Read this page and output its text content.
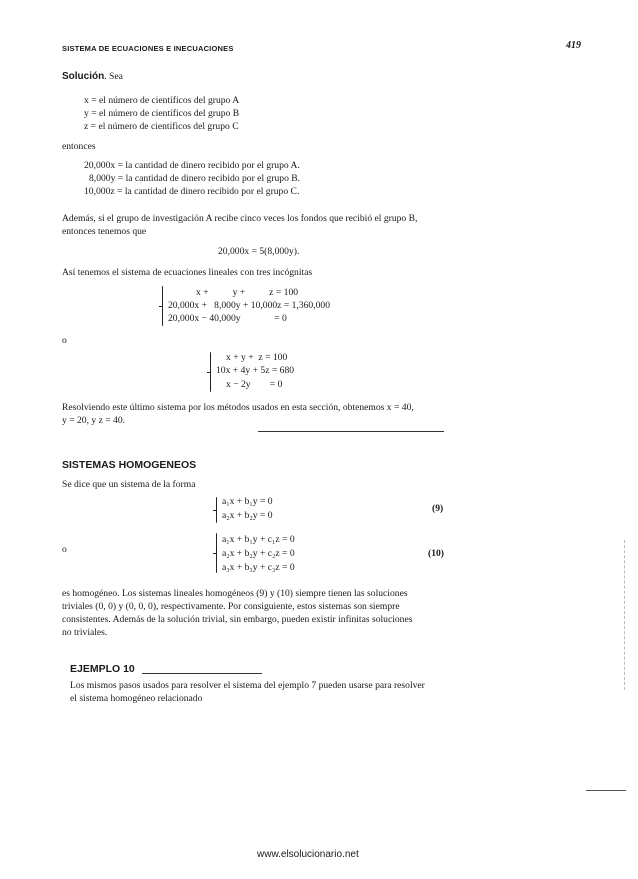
SISTEMA DE ECUACIONES E INECUACIONES	419
Solución. Sea
x = el número de científicos del grupo A
y = el número de científicos del grupo B
z = el número de científicos del grupo C
entonces
20,000x = la cantidad de dinero recibido por el grupo A.
8,000y = la cantidad de dinero recibido por el grupo B.
10,000z = la cantidad de dinero recibido por el grupo C.
Además, si el grupo de investigación A recibe cinco veces los fondos que recibió el grupo B,
entonces tenemos que
20,000x = 5(8,000y).
Así tenemos el sistema de ecuaciones lineales con tres incógnitas
x +          y +          z = 100
20,000x +   8,000y + 10,000z = 1,360,000
20,000x − 40,000y              = 0
o
x + y +  z = 100
10x + 4y + 5z = 680
x − 2y        = 0
Resolviendo este último sistema por los métodos usados en esta sección, obtenemos x = 40,
y = 20, y z = 40.
SISTEMAS HOMOGENEOS
Se dice que un sistema de la forma
a₁x + b₁y = 0
a₂x + b₂y = 0
(9)
o
a₁x + b₁y + c₁z = 0
a₂x + b₂y + c₂z = 0
a₃x + b₃y + c₃z = 0
(10)
es homogéneo. Los sistemas lineales homogéneos (9) y (10) siempre tienen las soluciones
triviales (0, 0) y (0, 0, 0), respectivamente. Por consiguiente, estos sistemas son siempre
consistentes. Además de la solución trivial, sin embargo, pueden existir infinitas soluciones
no triviales.
EJEMPLO 10
Los mismos pasos usados para resolver el sistema del ejemplo 7 pueden usarse para resolver
el sistema homogéneo relacionado
www.elsolucionario.net
